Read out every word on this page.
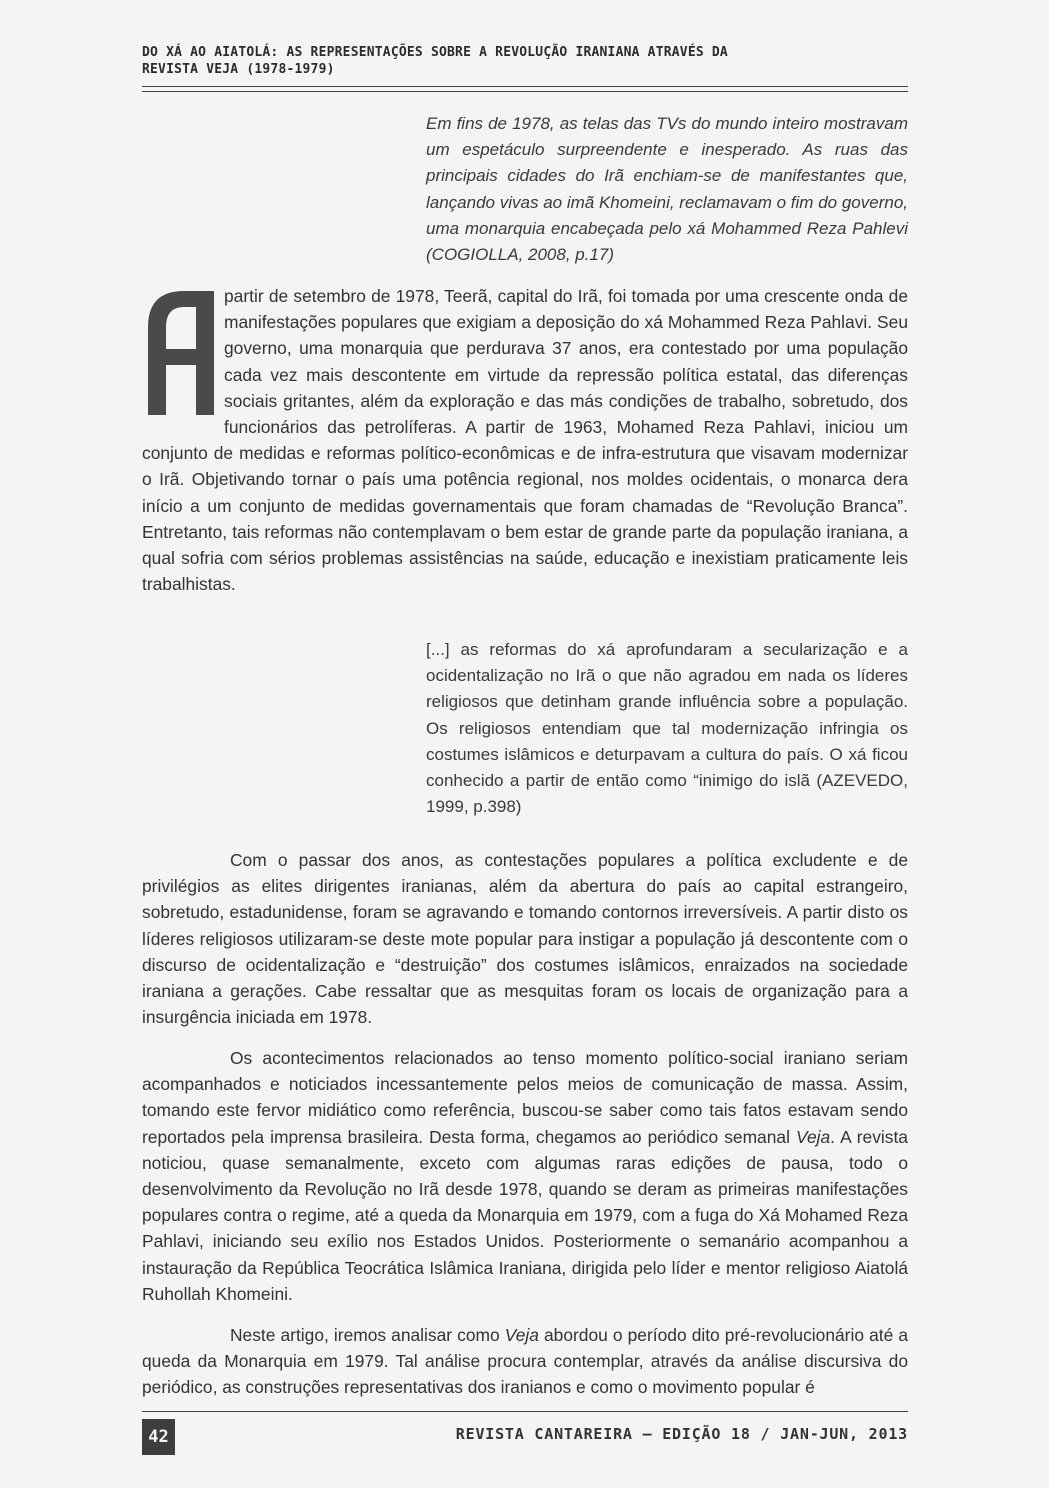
DO XÁ AO AIATOLÁ: AS REPRESENTAÇÕES SOBRE A REVOLUÇÃO IRANIANA ATRAVÉS DA REVISTA VEJA (1978-1979)
Em fins de 1978, as telas das TVs do mundo inteiro mostravam um espetáculo surpreendente e inesperado. As ruas das principais cidades do Irã enchiam-se de manifestantes que, lançando vivas ao imã Khomeini, reclamavam o fim do governo, uma monarquia encabeçada pelo xá Mohammed Reza Pahlevi (COGIOLLA, 2008, p.17)

partir de setembro de 1978, Teerã, capital do Irã, foi tomada por uma crescente onda de manifestações populares que exigiam a deposição do xá Mohammed Reza Pahlavi. Seu governo, uma monarquia que perdurava 37 anos, era contestado por uma população cada vez mais descontente em virtude da repressão política estatal, das diferenças sociais gritantes, além da exploração e das más condições de trabalho, sobretudo, dos funcionários das petrolíferas. A partir de 1963, Mohamed Reza Pahlavi, iniciou um conjunto de medidas e reformas político-econômicas e de infra-estrutura que visavam modernizar o Irã. Objetivando tornar o país uma potência regional, nos moldes ocidentais, o monarca dera início a um conjunto de medidas governamentais que foram chamadas de “Revolução Branca”. Entretanto, tais reformas não contemplavam o bem estar de grande parte da população iraniana, a qual sofria com sérios problemas assistências na saúde, educação e inexistiam praticamente leis trabalhistas.

[...] as reformas do xá aprofundaram a secularização e a ocidentalização no Irã o que não agradou em nada os líderes religiosos que detinham grande influência sobre a população. Os religiosos entendiam que tal modernização infringia os costumes islâmicos e deturpavam a cultura do país. O xá ficou conhecido a partir de então como “inimigo do islã (AZEVEDO, 1999, p.398)

Com o passar dos anos, as contestações populares a política excludente e de privilégios as elites dirigentes iranianas, além da abertura do país ao capital estrangeiro, sobretudo, estadunidense, foram se agravando e tomando contornos irreversíveis. A partir disto os líderes religiosos utilizaram-se deste mote popular para instigar a população já descontente com o discurso de ocidentalização e “destruição” dos costumes islâmicos, enraizados na sociedade iraniana a gerações. Cabe ressaltar que as mesquitas foram os locais de organização para a insurgência iniciada em 1978.

Os acontecimentos relacionados ao tenso momento político-social iraniano seriam acompanhados e noticiados incessantemente pelos meios de comunicação de massa. Assim, tomando este fervor midiático como referência, buscou-se saber como tais fatos estavam sendo reportados pela imprensa brasileira. Desta forma, chegamos ao periódico semanal Veja. A revista noticiou, quase semanalmente, exceto com algumas raras edições de pausa, todo o desenvolvimento da Revolução no Irã desde 1978, quando se deram as primeiras manifestações populares contra o regime, até a queda da Monarquia em 1979, com a fuga do Xá Mohamed Reza Pahlavi, iniciando seu exílio nos Estados Unidos. Posteriormente o semanário acompanhou a instauração da República Teocrática Islâmica Iraniana, dirigida pelo líder e mentor religioso Aiatolá Ruhollah Khomeini.

Neste artigo, iremos analisar como Veja abordou o período dito pré-revolucionário até a queda da Monarquia em 1979. Tal análise procura contemplar, através da análise discursiva do periódico, as construções representativas dos iranianos e como o movimento popular é

42	REVISTA CANTAREIRA – EDIÇÃO 18 / JAN-JUN, 2013
